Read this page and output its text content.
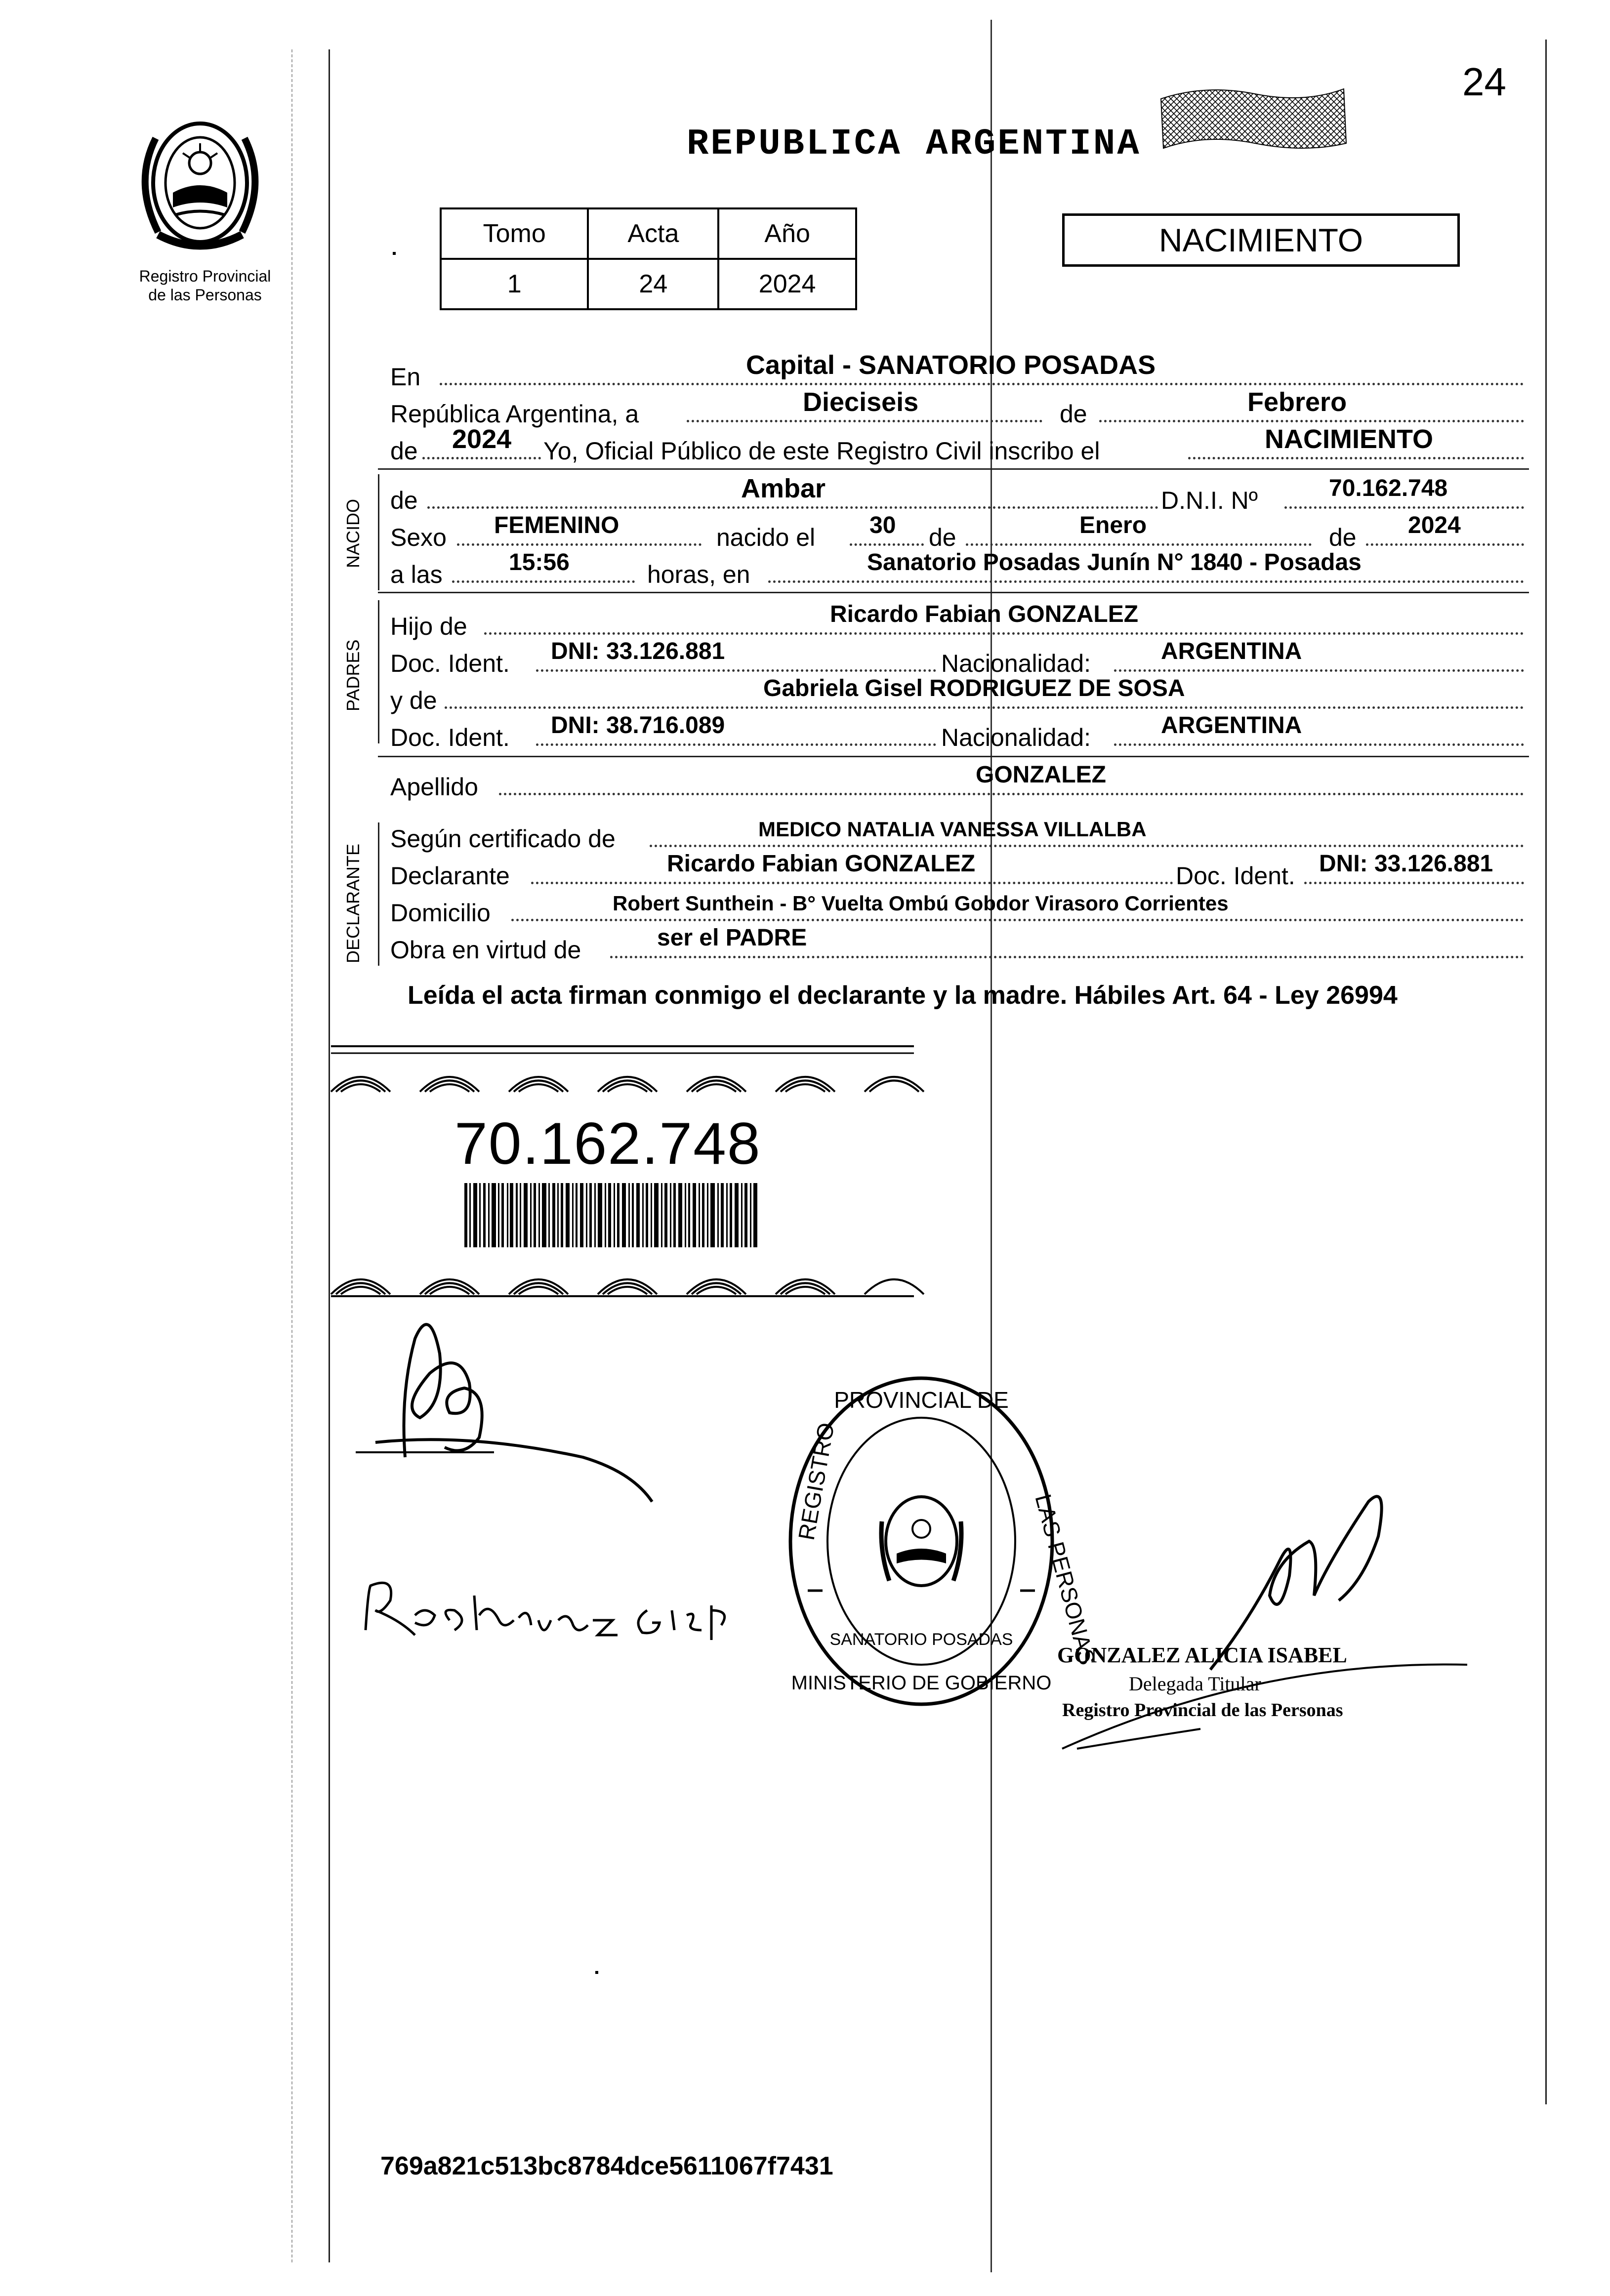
24
Registro Provincial
de las Personas
REPUBLICA ARGENTINA
Tomo	Acta	Año
1	24	2024
NACIMIENTO
En	Capital - SANATORIO POSADAS
República Argentina, a	Dieciseis	de	Febrero
de 2024 Yo, Oficial Público de este Registro Civil inscribo el	NACIMIENTO
NACIDO de	Ambar	D.N.I. Nº	70.162.748
Sexo FEMENINO	nacido el 30 de	Enero	de 2024
a las	15:56	horas, en	Sanatorio Posadas Junín N° 1840 - Posadas
PADRES
Hijo de	Ricardo Fabian GONZALEZ
Doc. Ident. DNI: 33.126.881	Nacionalidad:	ARGENTINA
y de	Gabriela Gisel RODRIGUEZ DE SOSA
Doc. Ident. DNI: 38.716.089	Nacionalidad:	ARGENTINA
Apellido	GONZALEZ
DECLARANTE
Según certificado de	MEDICO NATALIA VANESSA VILLALBA
Declarante	Ricardo Fabian GONZALEZ	Doc. Ident. DNI: 33.126.881
Domicilio	Robert Sunthein - B° Vuelta Ombú Gobdor Virasoro Corrientes
Obra en virtud de	ser el PADRE
Leída el acta firman conmigo el declarante y la madre. Hábiles Art. 64 - Ley 26994
70.162.748
PROVINCIAL DE
REGISTRO
LAS PERSONAS
MINISTERIO DE GOBIERNO
SANATORIO POSADAS
GONZALEZ ALICIA ISABEL
Delegada Titular
Registro Provincial de las Personas
769a821c513bc8784dce5611067f7431
